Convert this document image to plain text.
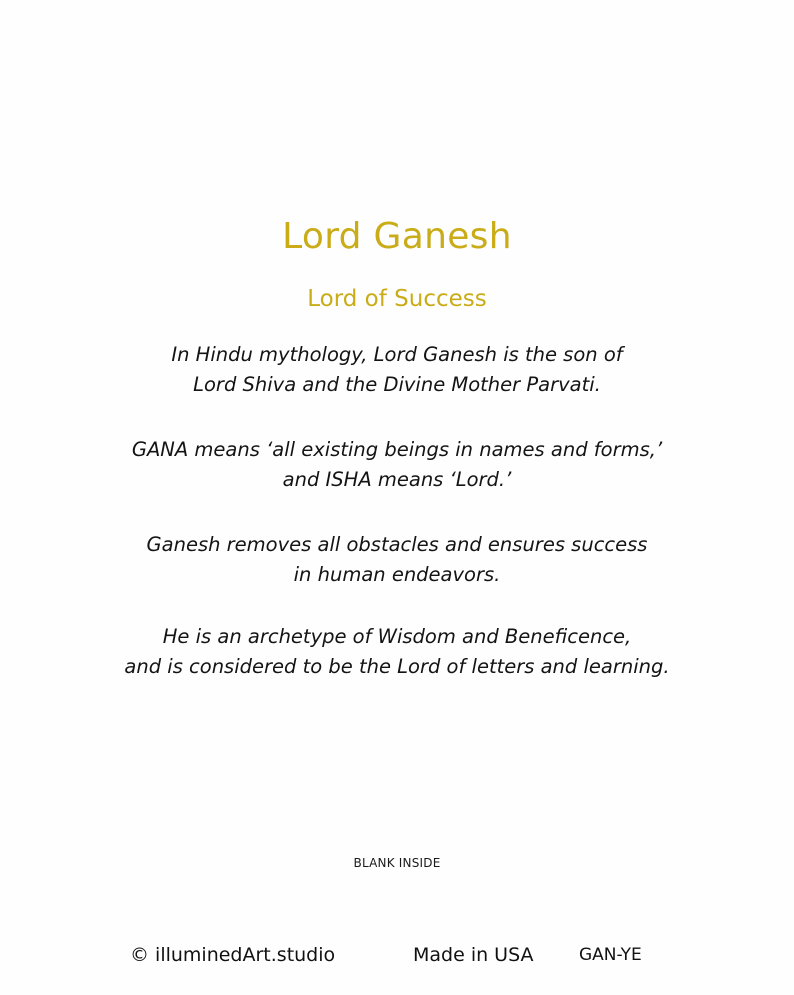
Lord Ganesh
Lord of Success
In Hindu mythology, Lord Ganesh is the son of
Lord Shiva and the Divine Mother Parvati.
GANA means ‘all existing beings in names and forms,’
and ISHA means ‘Lord.’
Ganesh removes all obstacles and ensures success
in human endeavors.
He is an archetype of Wisdom and Beneficence,
and is considered to be the Lord of letters and learning.
BLANK INSIDE
© illuminedArt.studio	Made in USA	GAN-YE
